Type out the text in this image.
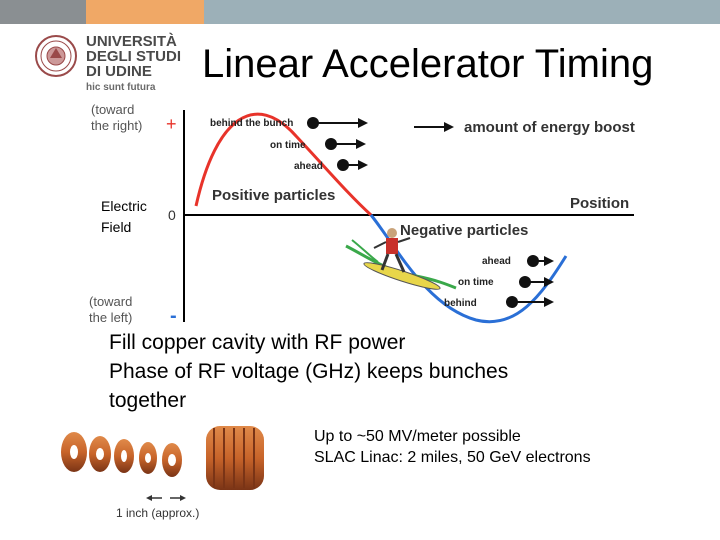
UNIVERSITÀ
DEGLI STUDI
DI UDINE
hic sunt futura
Linear Accelerator Timing
(toward
the right) +
Electric
Field
0
(toward
the left) -
behind the bunch
on time
ahead
amount of energy boost
Positive particles	Position
Negative particles
ahead
on time
behind
Fill copper cavity with RF power
Phase of RF voltage (GHz) keeps bunches
together
Up to ~50 MV/meter possible
SLAC Linac: 2 miles, 50 GeV electrons
1 inch (approx.)
